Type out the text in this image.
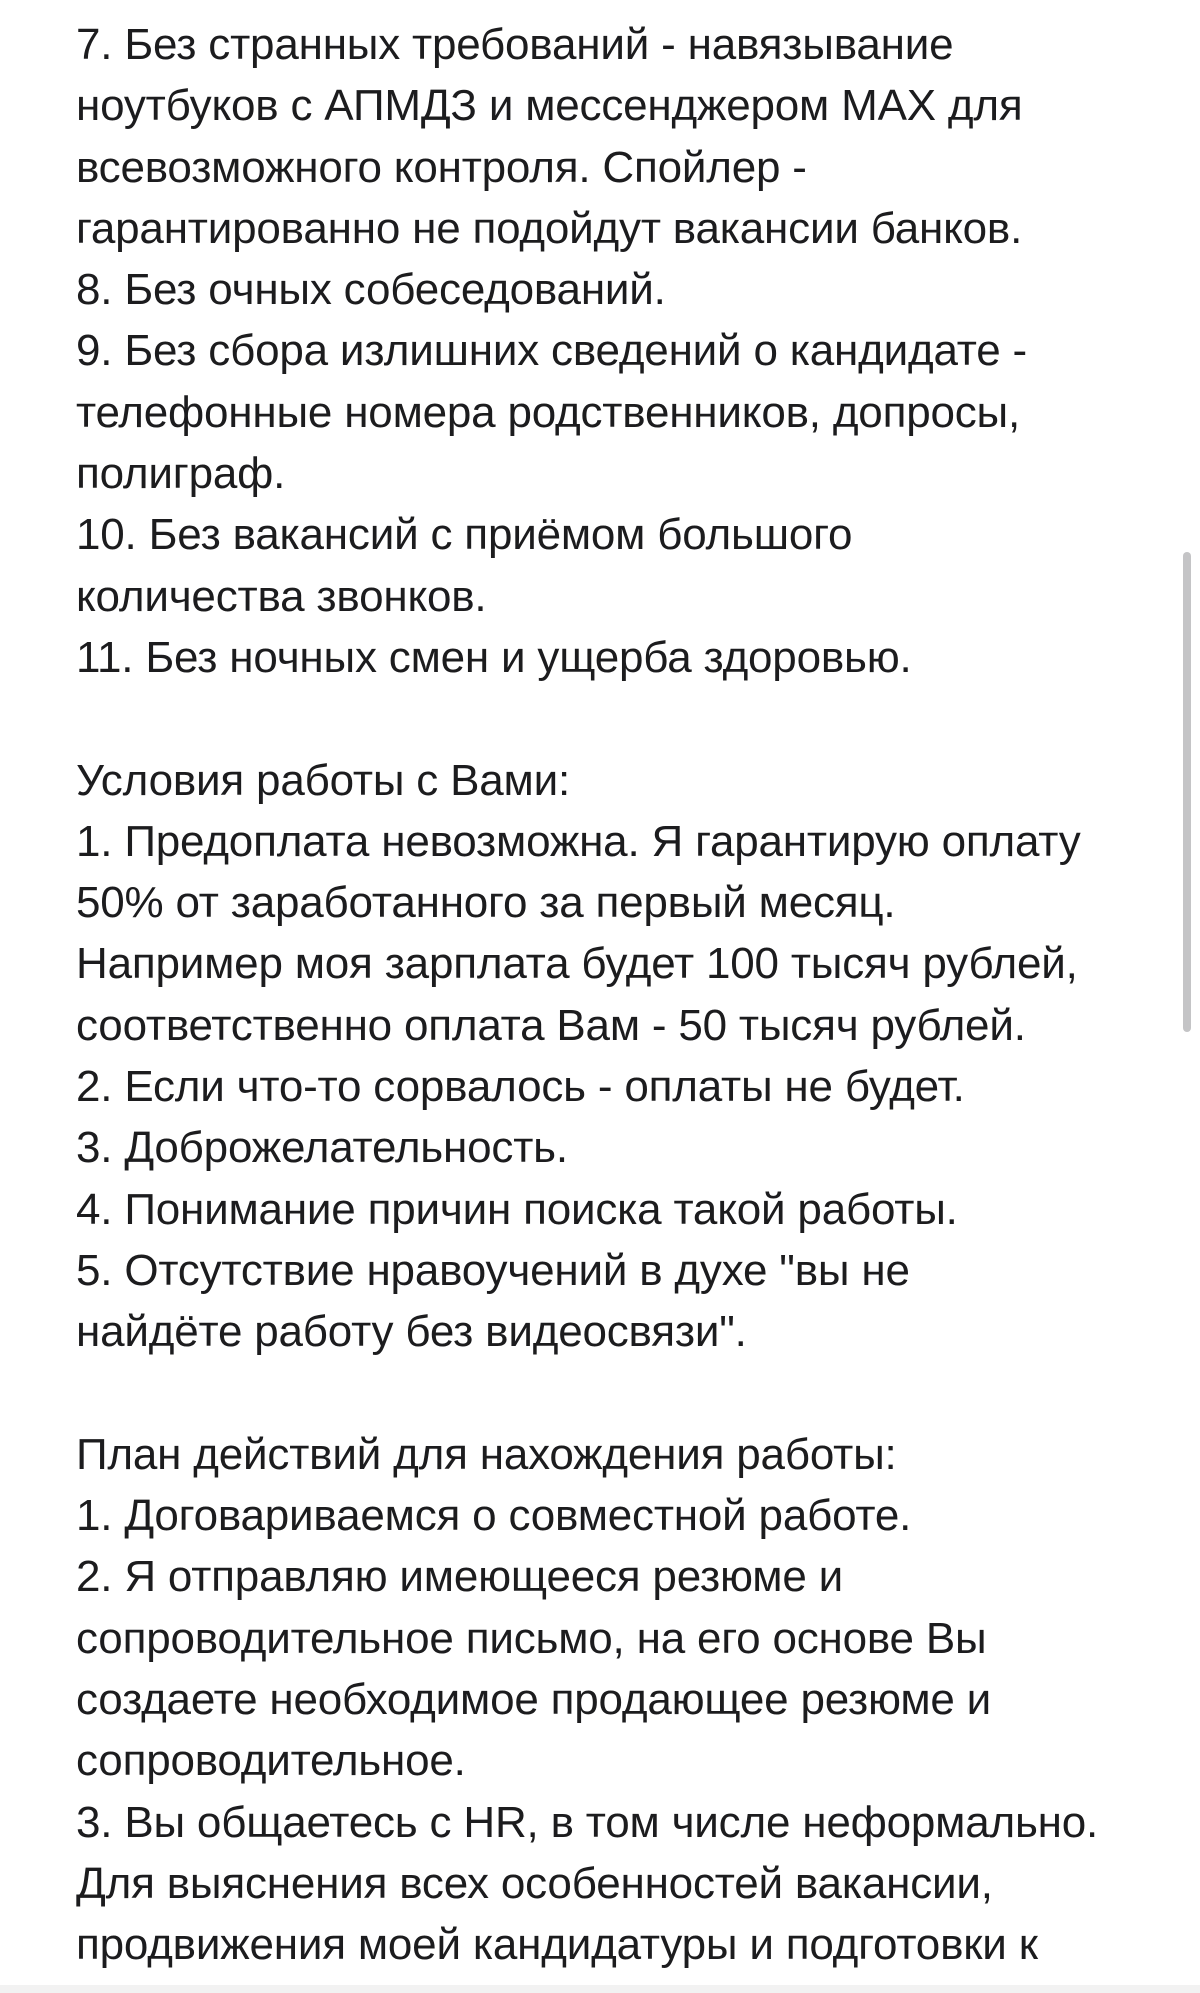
7. Без странных требований - навязывание
ноутбуков с АПМДЗ и мессенджером MAX для
всевозможного контроля. Спойлер -
гарантированно не подойдут вакансии банков.
8. Без очных собеседований.
9. Без сбора излишних сведений о кандидате -
телефонные номера родственников, допросы,
полиграф.
10. Без вакансий с приёмом большого
количества звонков.
11. Без ночных смен и ущерба здоровью.
Условия работы с Вами:
1. Предоплата невозможна. Я гарантирую оплату
50% от заработанного за первый месяц.
Например моя зарплата будет 100 тысяч рублей,
соответственно оплата Вам - 50 тысяч рублей.
2. Если что-то сорвалось - оплаты не будет.
3. Доброжелательность.
4. Понимание причин поиска такой работы.
5. Отсутствие нравоучений в духе "вы не
найдёте работу без видеосвязи".
План действий для нахождения работы:
1. Договариваемся о совместной работе.
2. Я отправляю имеющееся резюме и
сопроводительное письмо, на его основе Вы
создаете необходимое продающее резюме и
сопроводительное.
3. Вы общаетесь с HR, в том числе неформально.
Для выяснения всех особенностей вакансии,
продвижения моей кандидатуры и подготовки к
